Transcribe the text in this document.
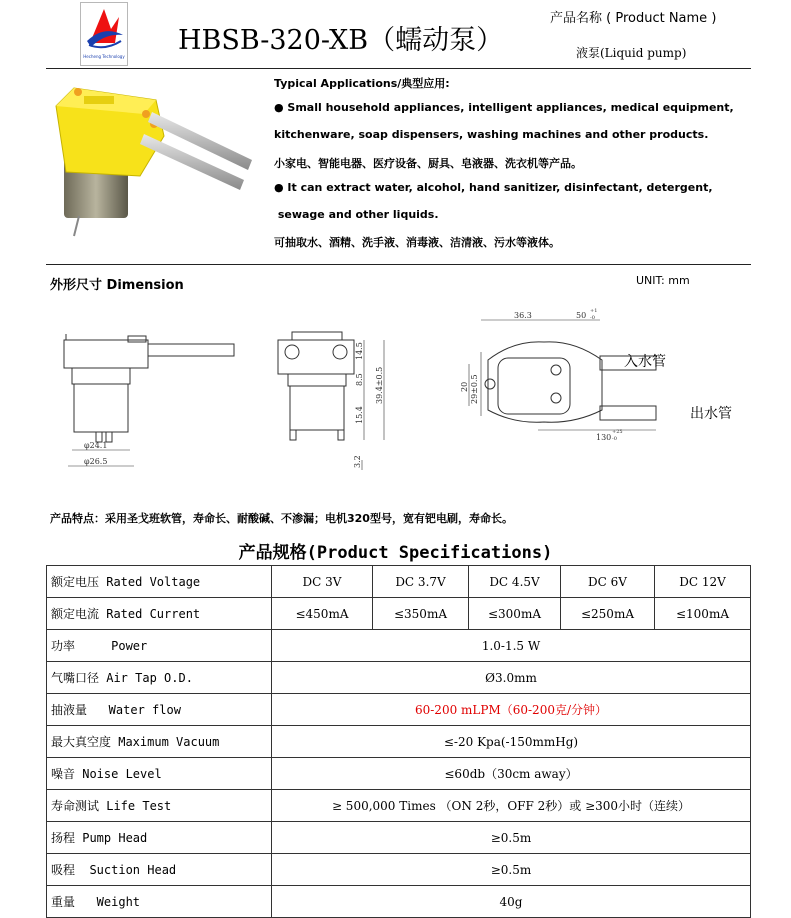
Hecheng Technology
HBSB-320-XB（蠕动泵）
产品名称 ( Product Name )
液泵(Liquid pump)
Typical Applications/典型应用:
● Small household appliances, intelligent appliances, medical equipment,
kitchenware, soap dispensers, washing machines and other products.
小家电、智能电器、医疗设备、厨具、皂液器、洗衣机等产品。
● It can extract water, alcohol, hand sanitizer, disinfectant, detergent,
sewage and other liquids.
可抽取水、酒精、洗手液、消毒液、洁清液、污水等液体。
外形尺寸 Dimension	UNIT: mm
φ24.1
φ26.5
14.5
8.5
15.4
39.4±0.5
3.2
36.3	50 +1
-0
29±0.5
20
130
+25
-0
入水管
出水管
产品特点：采用圣戈班软管，寿命长、耐酸碱、不渗漏；电机320型号，宽有钯电刷，寿命长。
产品规格(Product Specifications)
额定电压 Rated Voltage	DC 3V	DC 3.7V	DC 4.5V	DC 6V	DC 12V
额定电流 Rated Current	≤450mA	≤350mA	≤300mA	≤250mA	≤100mA
功率     Power	1.0-1.5 W				
气嘴口径 Air Tap O.D.	Ø3.0mm				
抽液量   Water flow	60-200 mLPM（60-200克/分钟）				
最大真空度 Maximum Vacuum	≤-20 Kpa(-150mmHg)				
噪音 Noise Level	≤60db（30cm away）				
寿命测试 Life Test	≥ 500,000 Times （ON 2秒，OFF 2秒）或 ≥300小时（连续）				
扬程 Pump Head	≥0.5m				
吸程  Suction Head	≥0.5m				
重量   Weight	40g				
